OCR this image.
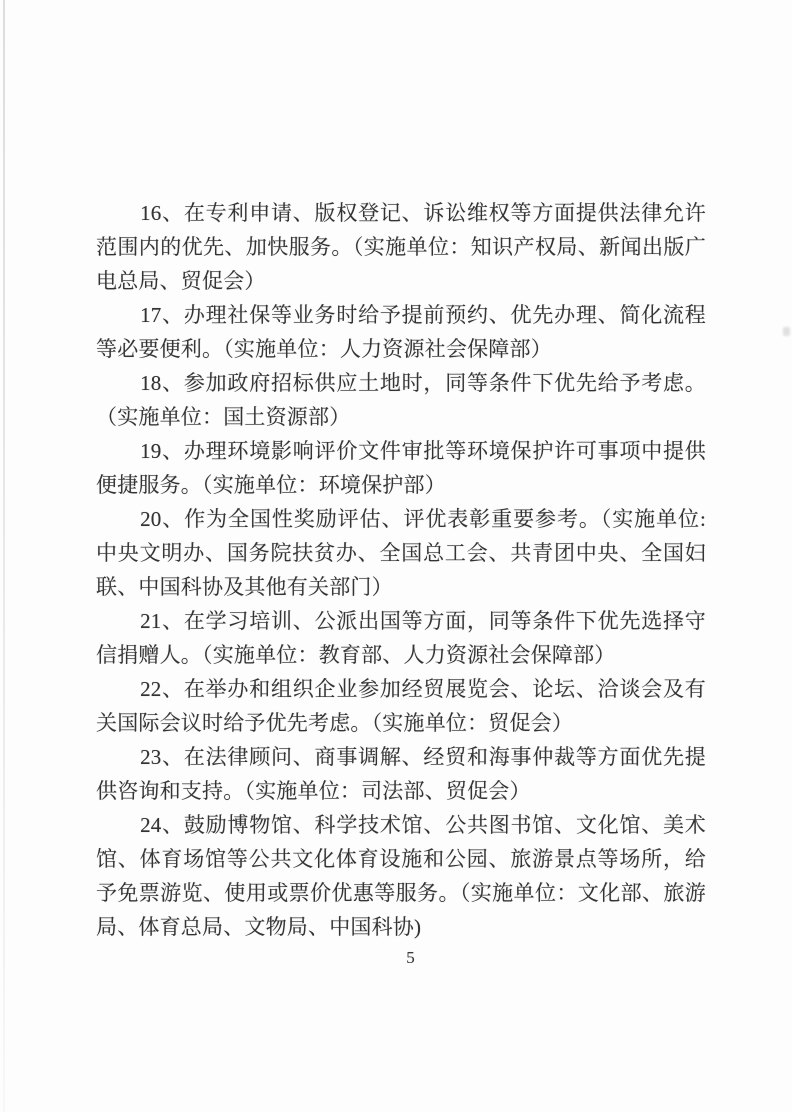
16、在专利申请、版权登记、诉讼维权等方面提供法律允许范围内的优先、加快服务。（实施单位：知识产权局、新闻出版广电总局、贸促会）

17、办理社保等业务时给予提前预约、优先办理、简化流程等必要便利。（实施单位：人力资源社会保障部）

18、参加政府招标供应土地时，同等条件下优先给予考虑。（实施单位：国土资源部）

19、办理环境影响评价文件审批等环境保护许可事项中提供便捷服务。（实施单位：环境保护部）

20、作为全国性奖励评估、评优表彰重要参考。（实施单位:中央文明办、国务院扶贫办、全国总工会、共青团中央、全国妇联、中国科协及其他有关部门）

21、在学习培训、公派出国等方面，同等条件下优先选择守信捐赠人。（实施单位：教育部、人力资源社会保障部）

22、在举办和组织企业参加经贸展览会、论坛、洽谈会及有关国际会议时给予优先考虑。（实施单位：贸促会）

23、在法律顾问、商事调解、经贸和海事仲裁等方面优先提供咨询和支持。（实施单位：司法部、贸促会）

24、鼓励博物馆、科学技术馆、公共图书馆、文化馆、美术馆、体育场馆等公共文化体育设施和公园、旅游景点等场所，给予免票游览、使用或票价优惠等服务。（实施单位：文化部、旅游局、体育总局、文物局、中国科协)

5
